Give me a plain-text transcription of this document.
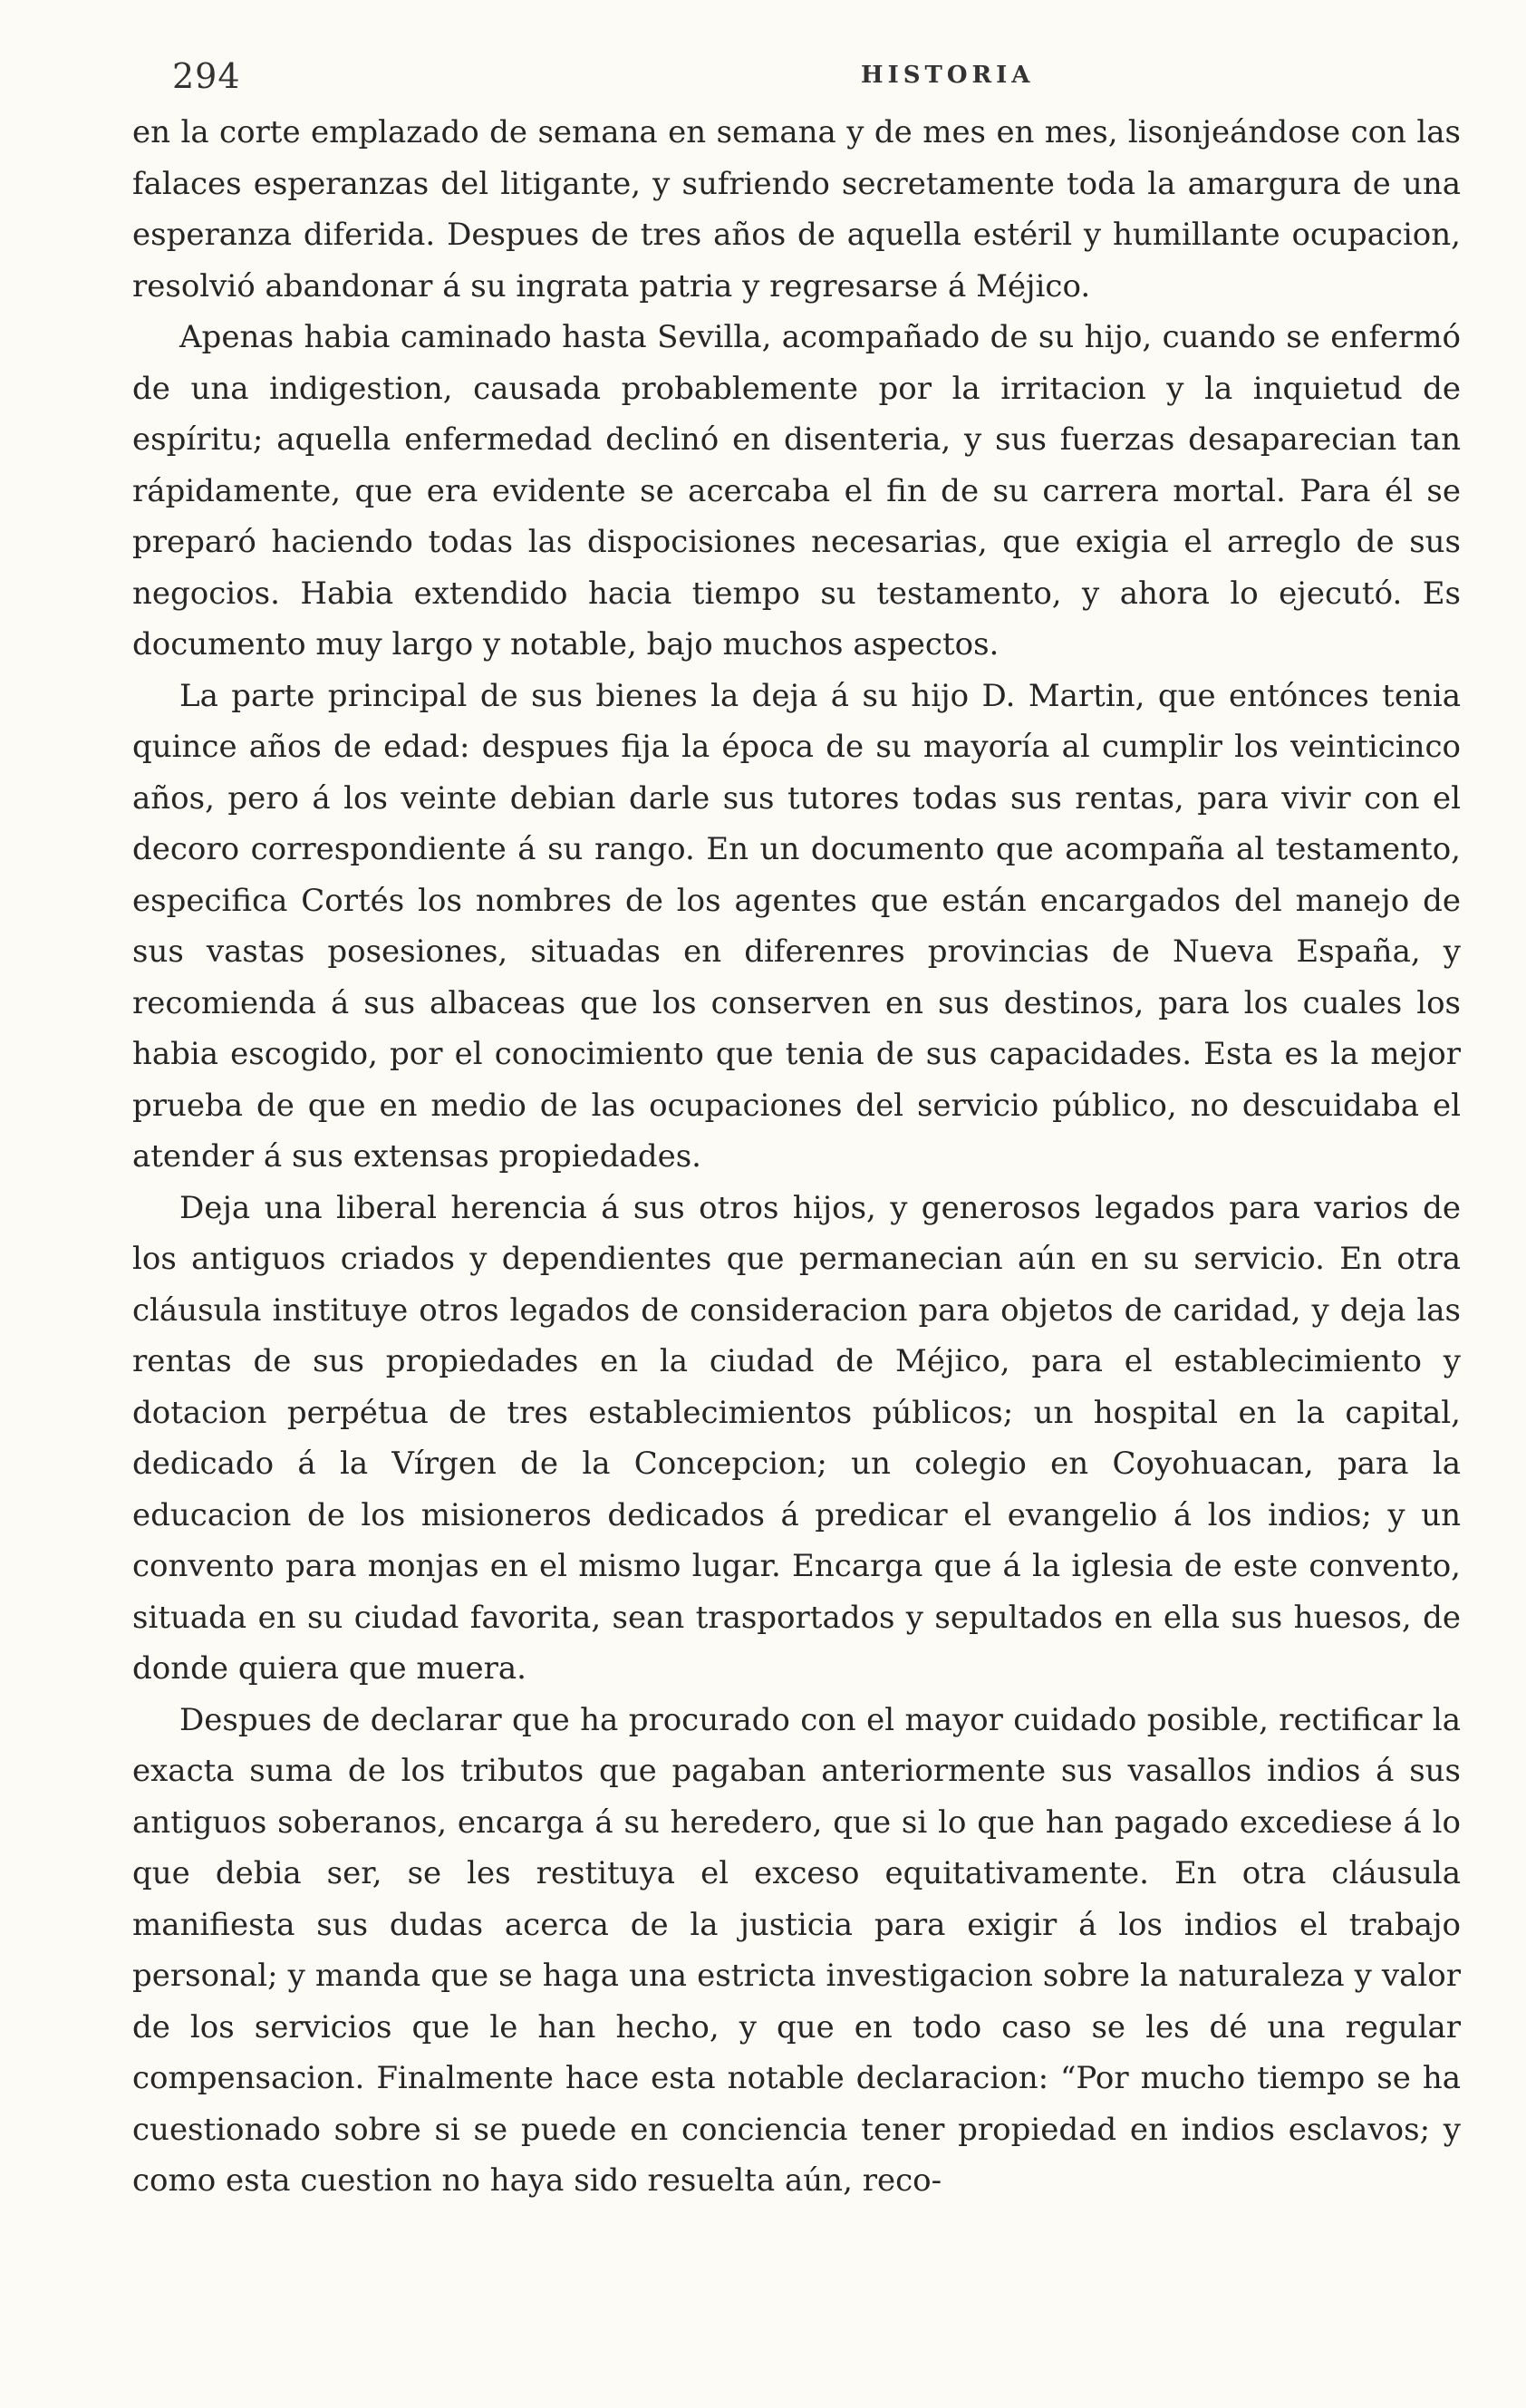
294	HISTORIA

en la corte emplazado de semana en semana y de mes en mes, lisonjeándose con las falaces esperanzas del litigante, y sufriendo secretamente toda la amargura de una esperanza diferida. Despues de tres años de aquella estéril y humillante ocupacion, resolvió abandonar á su ingrata patria y regresarse á Méjico.

Apenas habia caminado hasta Sevilla, acompañado de su hijo, cuando se enfermó de una indigestion, causada probablemente por la irritacion y la inquietud de espíritu; aquella enfermedad declinó en disenteria, y sus fuerzas desaparecian tan rápidamente, que era evidente se acercaba el fin de su carrera mortal. Para él se preparó haciendo todas las dispocisiones necesarias, que exigia el arreglo de sus negocios. Habia extendido hacia tiempo su testamento, y ahora lo ejecutó. Es documento muy largo y notable, bajo muchos aspectos.

La parte principal de sus bienes la deja á su hijo D. Martin, que entónces tenia quince años de edad: despues fija la época de su mayoría al cumplir los veinticinco años, pero á los veinte debian darle sus tutores todas sus rentas, para vivir con el decoro correspondiente á su rango. En un documento que acompaña al testamento, especifica Cortés los nombres de los agentes que están encargados del manejo de sus vastas posesiones, situadas en diferenres provincias de Nueva España, y recomienda á sus albaceas que los conserven en sus destinos, para los cuales los habia escogido, por el conocimiento que tenia de sus capacidades. Esta es la mejor prueba de que en medio de las ocupaciones del servicio público, no descuidaba el atender á sus extensas propiedades.

Deja una liberal herencia á sus otros hijos, y generosos legados para varios de los antiguos criados y dependientes que permanecian aún en su servicio. En otra cláusula instituye otros legados de consideracion para objetos de caridad, y deja las rentas de sus propiedades en la ciudad de Méjico, para el establecimiento y dotacion perpétua de tres establecimientos públicos; un hospital en la capital, dedicado á la Vírgen de la Concepcion; un colegio en Coyohuacan, para la educacion de los misioneros dedicados á predicar el evangelio á los indios; y un convento para monjas en el mismo lugar. Encarga que á la iglesia de este convento, situada en su ciudad favorita, sean trasportados y sepultados en ella sus huesos, de donde quiera que muera.

Despues de declarar que ha procurado con el mayor cuidado posible, rectificar la exacta suma de los tributos que pagaban anteriormente sus vasallos indios á sus antiguos soberanos, encarga á su heredero, que si lo que han pagado excediese á lo que debia ser, se les restituya el exceso equitativamente. En otra cláusula manifiesta sus dudas acerca de la justicia para exigir á los indios el trabajo personal; y manda que se haga una estricta investigacion sobre la naturaleza y valor de los servicios que le han hecho, y que en todo caso se les dé una regular compensacion. Finalmente hace esta notable declaracion: “Por mucho tiempo se ha cuestionado sobre si se puede en conciencia tener propiedad en indios esclavos; y como esta cuestion no haya sido resuelta aún, reco-
